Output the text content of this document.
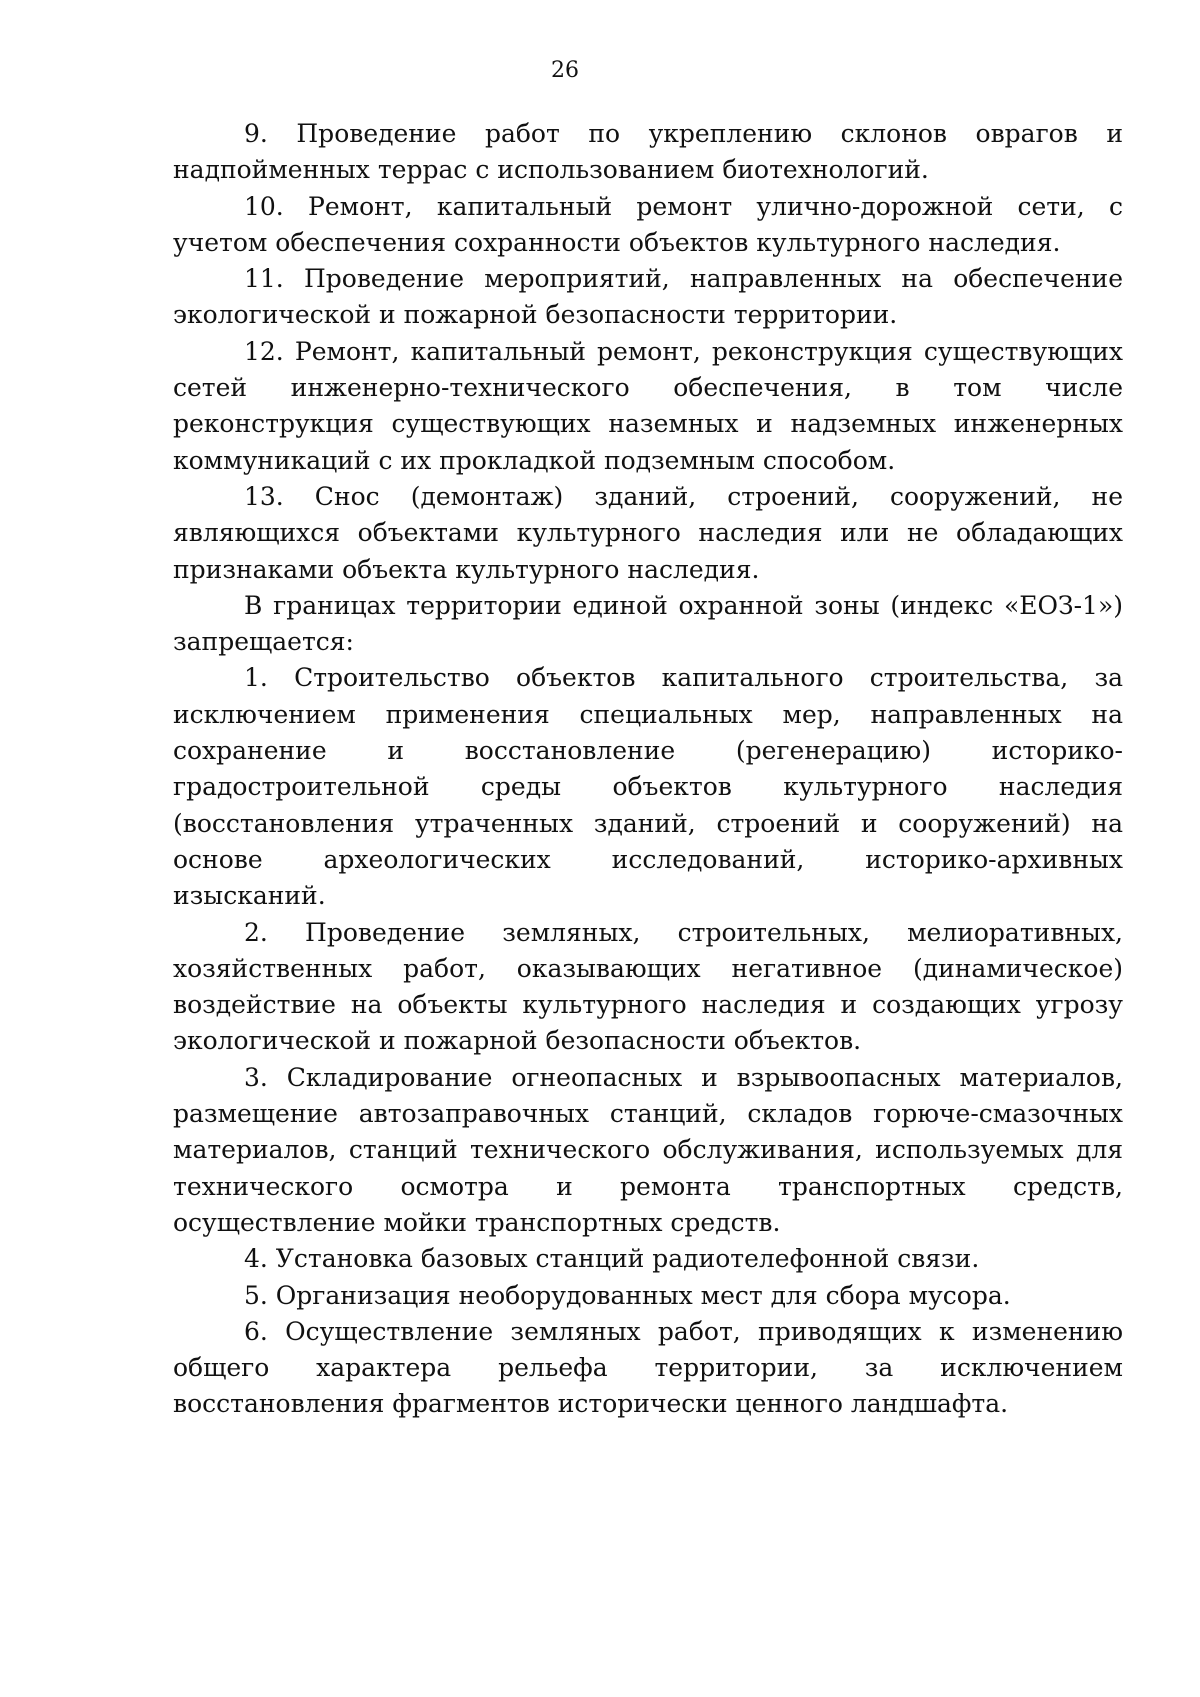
26

9. Проведение работ по укреплению склонов оврагов и надпойменных террас с использованием биотехнологий.

10. Ремонт, капитальный ремонт улично-дорожной сети, с учетом обеспечения сохранности объектов культурного наследия.

11. Проведение мероприятий, направленных на обеспечение экологической и пожарной безопасности территории.

12. Ремонт, капитальный ремонт, реконструкция существующих сетей инженерно-технического обеспечения, в том числе реконструкция существующих наземных и надземных инженерных коммуникаций с их прокладкой подземным способом.

13. Снос (демонтаж) зданий, строений, сооружений, не являющихся объектами культурного наследия или не обладающих признаками объекта культурного наследия.

В границах территории единой охранной зоны (индекс «ЕОЗ-1») запрещается:

1. Строительство объектов капитального строительства, за исключением применения специальных мер, направленных на сохранение и восстановление (регенерацию) историко-градостроительной среды объектов культурного наследия (восстановления утраченных зданий, строений и сооружений) на основе археологических исследований, историко-архивных изысканий.

2. Проведение земляных, строительных, мелиоративных, хозяйственных работ, оказывающих негативное (динамическое) воздействие на объекты культурного наследия и создающих угрозу экологической и пожарной безопасности объектов.

3. Складирование огнеопасных и взрывоопасных материалов, размещение автозаправочных станций, складов горюче-смазочных материалов, станций технического обслуживания, используемых для технического осмотра и ремонта транспортных средств, осуществление мойки транспортных средств.

4. Установка базовых станций радиотелефонной связи.

5. Организация необорудованных мест для сбора мусора.

6. Осуществление земляных работ, приводящих к изменению общего характера рельефа территории, за исключением восстановления фрагментов исторически ценного ландшафта.
